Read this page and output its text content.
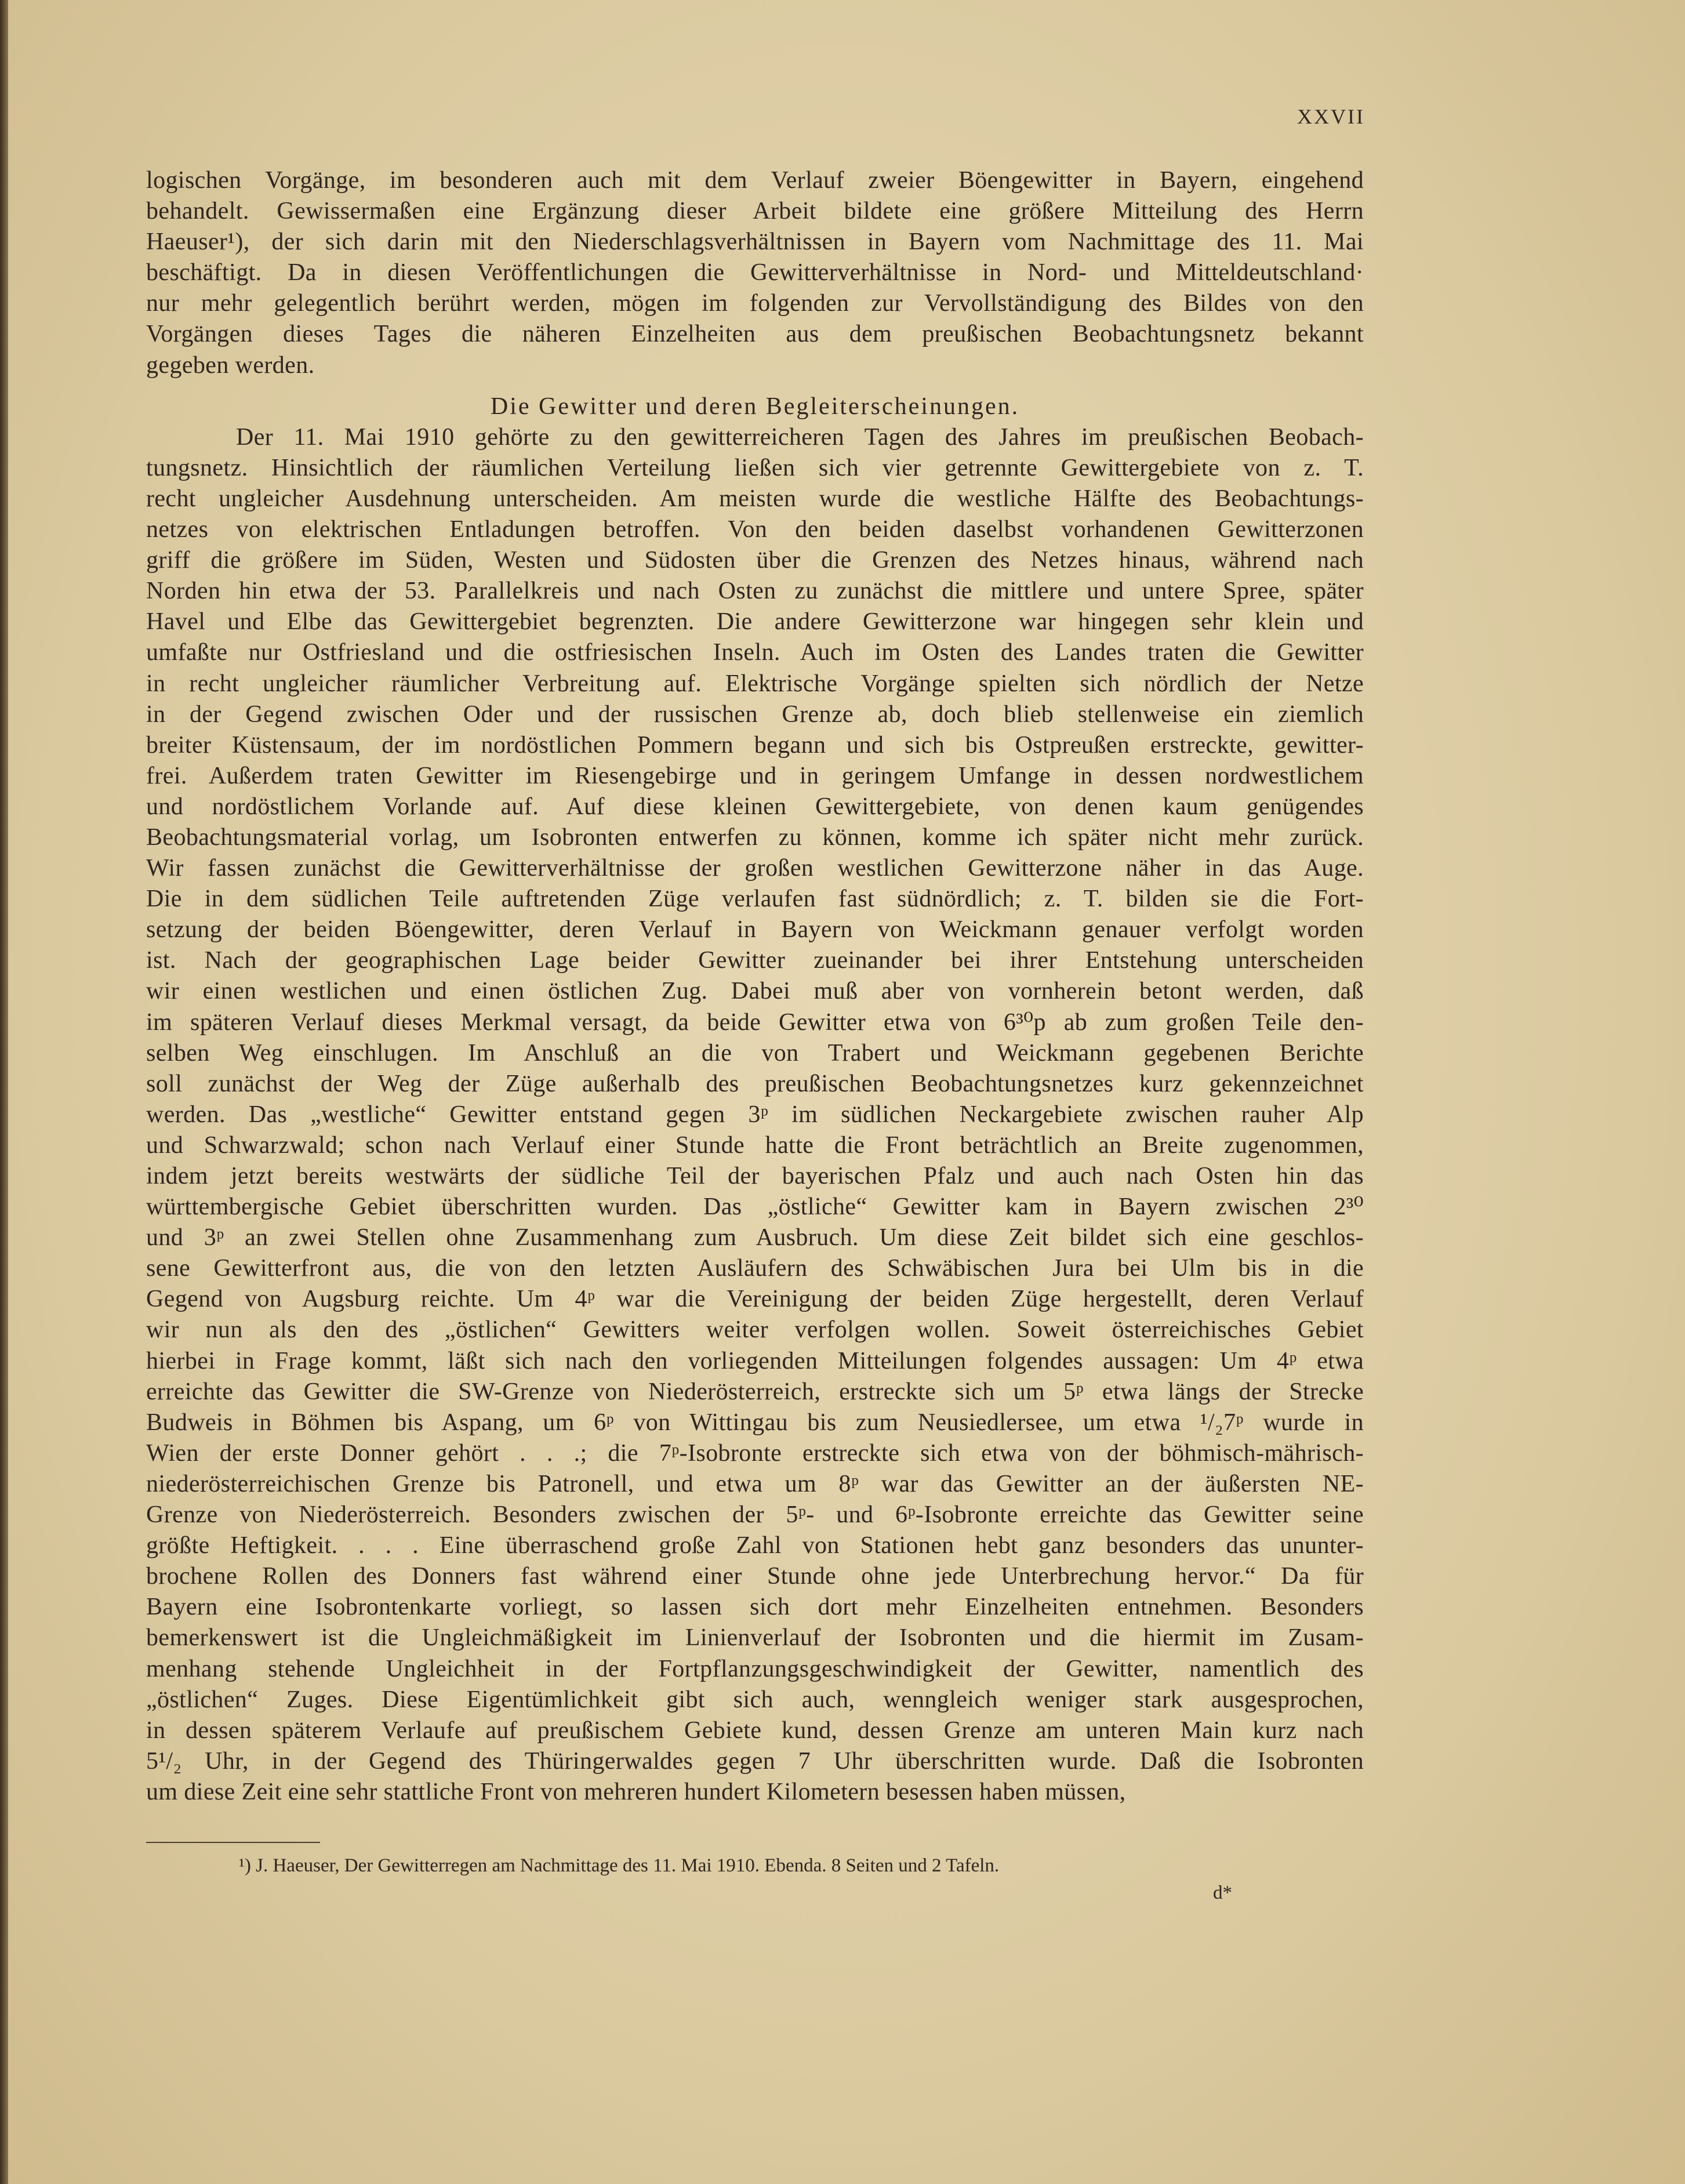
XXVII
logischen Vorgänge, im besonderen auch mit dem Verlauf zweier Böengewitter in Bayern, eingehend
behandelt. Gewissermaßen eine Ergänzung dieser Arbeit bildete eine größere Mitteilung des Herrn
Haeuser¹), der sich darin mit den Niederschlagsverhältnissen in Bayern vom Nachmittage des 11. Mai
beschäftigt. Da in diesen Veröffentlichungen die Gewitterverhältnisse in Nord- und Mitteldeutschland·
nur mehr gelegentlich berührt werden, mögen im folgenden zur Vervollständigung des Bildes von den
Vorgängen dieses Tages die näheren Einzelheiten aus dem preußischen Beobachtungsnetz bekannt
gegeben werden.
Die Gewitter und deren Begleiterscheinungen.
Der 11. Mai 1910 gehörte zu den gewitterreicheren Tagen des Jahres im preußischen Beobach-
tungsnetz. Hinsichtlich der räumlichen Verteilung ließen sich vier getrennte Gewittergebiete von z. T.
recht ungleicher Ausdehnung unterscheiden. Am meisten wurde die westliche Hälfte des Beobachtungs-
netzes von elektrischen Entladungen betroffen. Von den beiden daselbst vorhandenen Gewitterzonen
griff die größere im Süden, Westen und Südosten über die Grenzen des Netzes hinaus, während nach
Norden hin etwa der 53. Parallelkreis und nach Osten zu zunächst die mittlere und untere Spree, später
Havel und Elbe das Gewittergebiet begrenzten. Die andere Gewitterzone war hingegen sehr klein und
umfaßte nur Ostfriesland und die ostfriesischen Inseln. Auch im Osten des Landes traten die Gewitter
in recht ungleicher räumlicher Verbreitung auf. Elektrische Vorgänge spielten sich nördlich der Netze
in der Gegend zwischen Oder und der russischen Grenze ab, doch blieb stellenweise ein ziemlich
breiter Küstensaum, der im nordöstlichen Pommern begann und sich bis Ostpreußen erstreckte, gewitter-
frei. Außerdem traten Gewitter im Riesengebirge und in geringem Umfange in dessen nordwestlichem
und nordöstlichem Vorlande auf. Auf diese kleinen Gewittergebiete, von denen kaum genügendes
Beobachtungsmaterial vorlag, um Isobronten entwerfen zu können, komme ich später nicht mehr zurück.
Wir fassen zunächst die Gewitterverhältnisse der großen westlichen Gewitterzone näher in das Auge.
Die in dem südlichen Teile auftretenden Züge verlaufen fast südnördlich; z. T. bilden sie die Fort-
setzung der beiden Böengewitter, deren Verlauf in Bayern von Weickmann genauer verfolgt worden
ist. Nach der geographischen Lage beider Gewitter zueinander bei ihrer Entstehung unterscheiden
wir einen westlichen und einen östlichen Zug. Dabei muß aber von vornherein betont werden, daß
im späteren Verlauf dieses Merkmal versagt, da beide Gewitter etwa von 6³⁰p ab zum großen Teile den-
selben Weg einschlugen. Im Anschluß an die von Trabert und Weickmann gegebenen Berichte
soll zunächst der Weg der Züge außerhalb des preußischen Beobachtungsnetzes kurz gekennzeichnet
werden. Das „westliche“ Gewitter entstand gegen 3ᵖ im südlichen Neckargebiete zwischen rauher Alp
und Schwarzwald; schon nach Verlauf einer Stunde hatte die Front beträchtlich an Breite zugenommen,
indem jetzt bereits westwärts der südliche Teil der bayerischen Pfalz und auch nach Osten hin das
württembergische Gebiet überschritten wurden. Das „östliche“ Gewitter kam in Bayern zwischen 2³⁰
und 3ᵖ an zwei Stellen ohne Zusammenhang zum Ausbruch. Um diese Zeit bildet sich eine geschlos-
sene Gewitterfront aus, die von den letzten Ausläufern des Schwäbischen Jura bei Ulm bis in die
Gegend von Augsburg reichte. Um 4ᵖ war die Vereinigung der beiden Züge hergestellt, deren Verlauf
wir nun als den des „östlichen“ Gewitters weiter verfolgen wollen. Soweit österreichisches Gebiet
hierbei in Frage kommt, läßt sich nach den vorliegenden Mitteilungen folgendes aussagen: Um 4ᵖ etwa
erreichte das Gewitter die SW-Grenze von Niederösterreich, erstreckte sich um 5ᵖ etwa längs der Strecke
Budweis in Böhmen bis Aspang, um 6ᵖ von Wittingau bis zum Neusiedlersee, um etwa ¹/₂7ᵖ wurde in
Wien der erste Donner gehört . . .; die 7ᵖ-Isobronte erstreckte sich etwa von der böhmisch-mährisch-
niederösterreichischen Grenze bis Patronell, und etwa um 8ᵖ war das Gewitter an der äußersten NE-
Grenze von Niederösterreich. Besonders zwischen der 5ᵖ- und 6ᵖ-Isobronte erreichte das Gewitter seine
größte Heftigkeit. . . . Eine überraschend große Zahl von Stationen hebt ganz besonders das ununter-
brochene Rollen des Donners fast während einer Stunde ohne jede Unterbrechung hervor.“ Da für
Bayern eine Isobrontenkarte vorliegt, so lassen sich dort mehr Einzelheiten entnehmen. Besonders
bemerkenswert ist die Ungleichmäßigkeit im Linienverlauf der Isobronten und die hiermit im Zusam-
menhang stehende Ungleichheit in der Fortpflanzungsgeschwindigkeit der Gewitter, namentlich des
„östlichen“ Zuges. Diese Eigentümlichkeit gibt sich auch, wenngleich weniger stark ausgesprochen,
in dessen späterem Verlaufe auf preußischem Gebiete kund, dessen Grenze am unteren Main kurz nach
5¹/₂ Uhr, in der Gegend des Thüringerwaldes gegen 7 Uhr überschritten wurde. Daß die Isobronten
um diese Zeit eine sehr stattliche Front von mehreren hundert Kilometern besessen haben müssen,
¹) J. Haeuser, Der Gewitterregen am Nachmittage des 11. Mai 1910. Ebenda. 8 Seiten und 2 Tafeln.
d*
